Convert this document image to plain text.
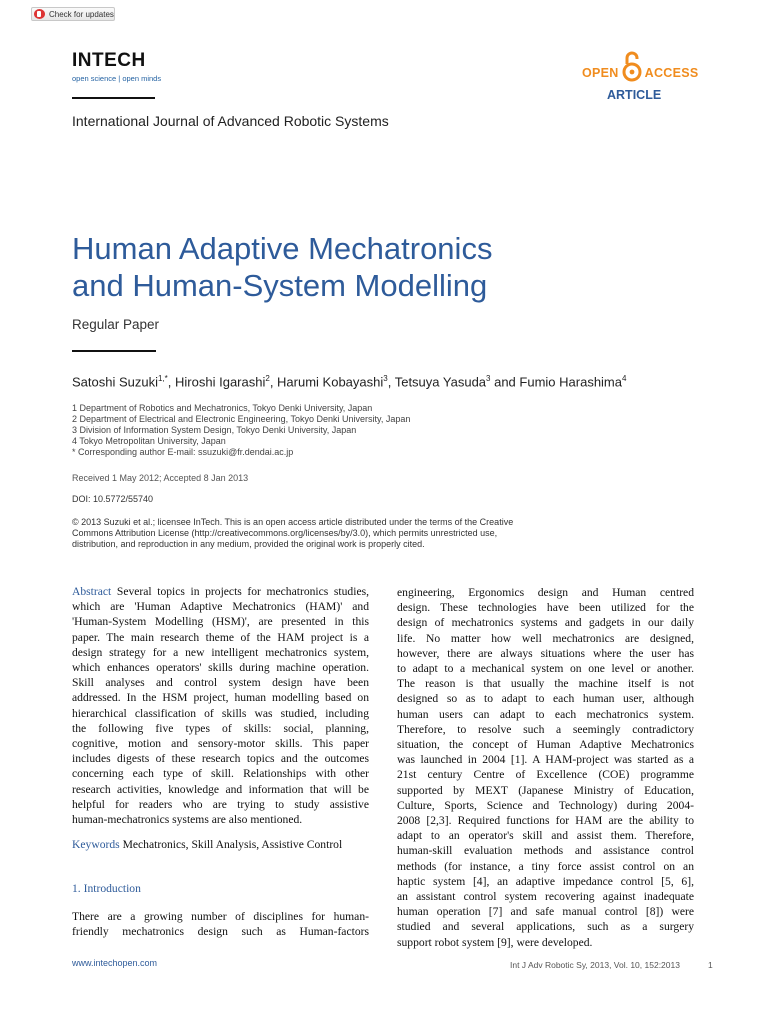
Check for updates
INTECH
open science | open minds	OPEN ACCESS
ARTICLE
International Journal of Advanced Robotic Systems
Human Adaptive Mechatronics
and Human-System Modelling
Regular Paper
Satoshi Suzuki$^{1,*}$, Hiroshi Igarashi$^2$, Harumi Kobayashi$^3$, Tetsuya Yasuda$^3$ and Fumio Harashima$^4$
1 Department of Robotics and Mechatronics, Tokyo Denki University, Japan
2 Department of Electrical and Electronic Engineering, Tokyo Denki University, Japan
3 Division of Information System Design, Tokyo Denki University, Japan
4 Tokyo Metropolitan University, Japan
* Corresponding author E-mail: ssuzuki@fr.dendai.ac.jp
Received 1 May 2012; Accepted 8 Jan 2013
DOI: 10.5772/55740
© 2013 Suzuki et al.; licensee InTech. This is an open access article distributed under the terms of the Creative
Commons Attribution License (http://creativecommons.org/licenses/by/3.0), which permits unrestricted use,
distribution, and reproduction in any medium, provided the original work is properly cited.
Abstract Several topics in projects for mechatronics studies,
which are 'Human Adaptive Mechatronics (HAM)' and
'Human-System Modelling (HSM)', are presented in this
paper. The main research theme of the HAM project is a
design strategy for a new intelligent mechatronics system,
which enhances operators' skills during machine operation.
Skill analyses and control system design have been
addressed. In the HSM project, human modelling based on
hierarchical classification of skills was studied, including
the following five types of skills: social, planning,
cognitive, motion and sensory-motor skills. This paper
includes digests of these research topics and the outcomes
concerning each type of skill. Relationships with other
research activities, knowledge and information that will be
helpful for readers who are trying to study assistive
human-mechatronics systems are also mentioned.
Keywords Mechatronics, Skill Analysis, Assistive Control
1. Introduction
There are a growing number of disciplines for human-
friendly mechatronics design such as Human-factors
engineering, Ergonomics design and Human centred
design. These technologies have been utilized for the
design of mechatronics systems and gadgets in our daily
life. No matter how well mechatronics are designed,
however, there are always situations where the user has
to adapt to a mechanical system on one level or another.
The reason is that usually the machine itself is not
designed so as to adapt to each human user, although
human users can adapt to each mechatronics system.
Therefore, to resolve such a seemingly contradictory
situation, the concept of Human Adaptive Mechatronics
was launched in 2004 [1]. A HAM-project was started as a
21st century Centre of Excellence (COE) programme
supported by MEXT (Japanese Ministry of Education,
Culture, Sports, Science and Technology) during 2004-
2008 [2,3]. Required functions for HAM are the ability to
adapt to an operator's skill and assist them. Therefore,
human-skill evaluation methods and assistance control
methods (for instance, a tiny force assist control on an
haptic system [4], an adaptive impedance control [5, 6],
an assistant control system recovering against inadequate
human operation [7] and safe manual control [8]) were
studied and several applications, such as a surgery
support robot system [9], were developed.
www.intechopen.com	Int J Adv Robotic Sy, 2013, Vol. 10, 152:2013	1
